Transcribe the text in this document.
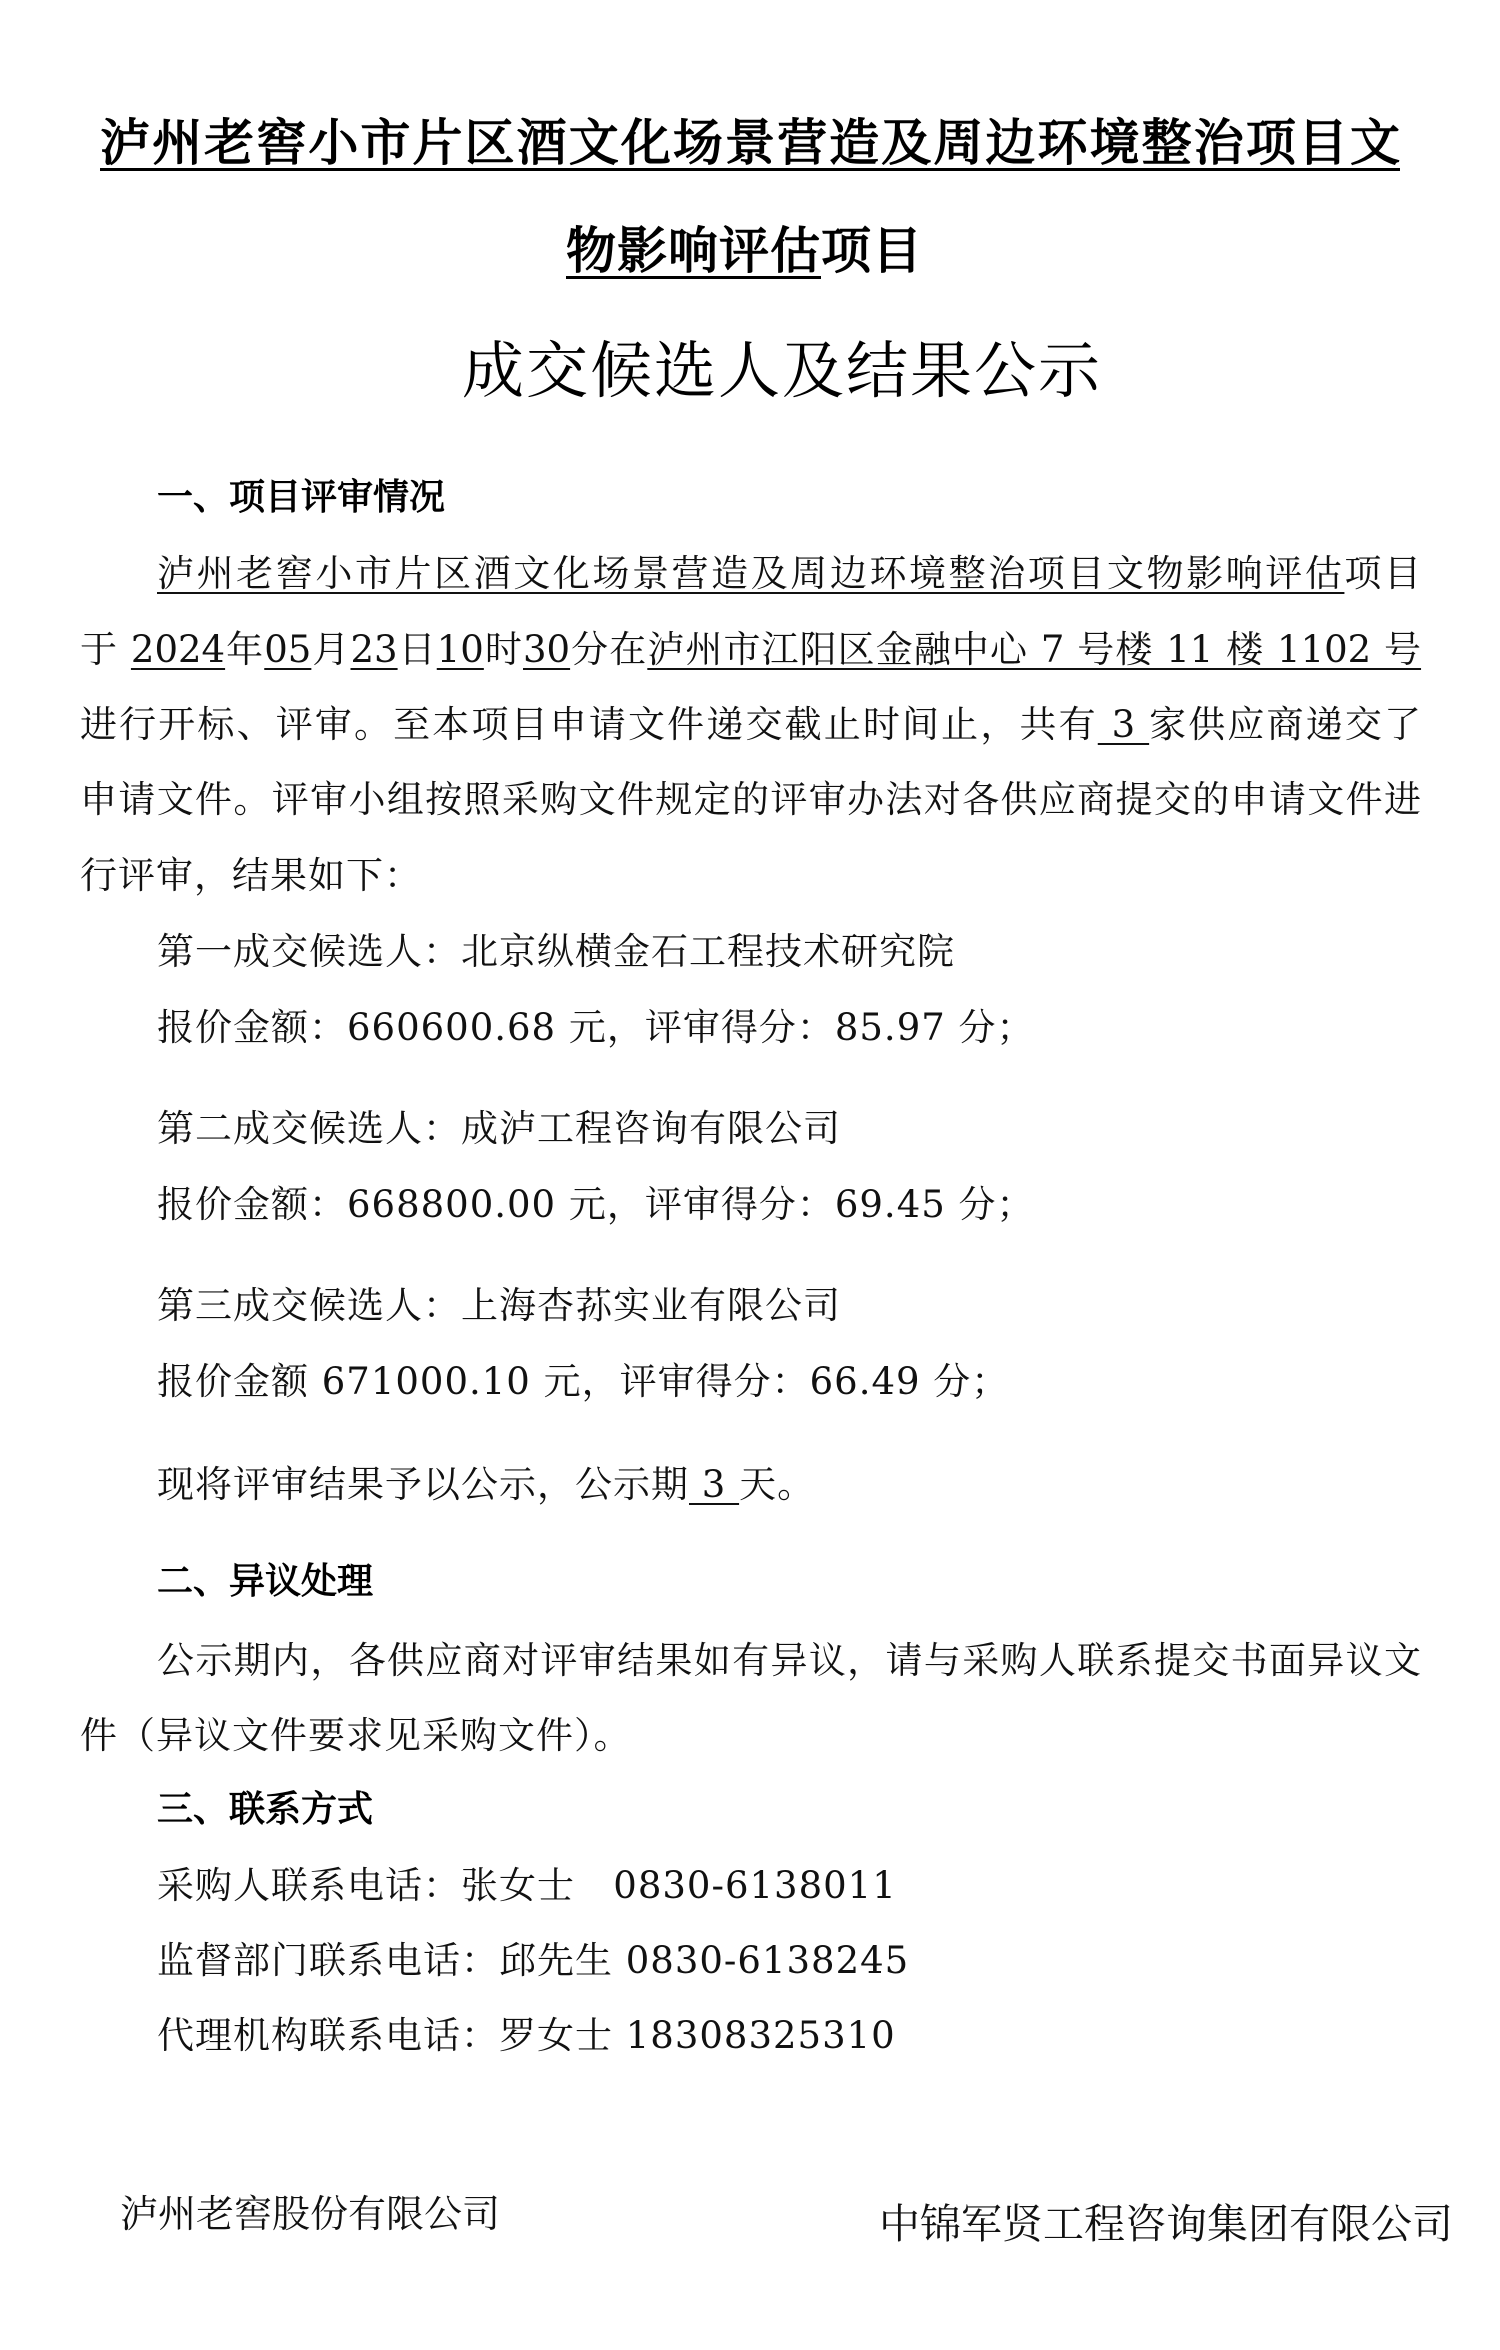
泸州老窖小市片区酒文化场景营造及周边环境整治项目文
物影响评估项目
成交候选人及结果公示
一、项目评审情况
泸州老窖小市片区酒文化场景营造及周边环境整治项目文物影响评估项目
于 2024年05月23日10时30分在泸州市江阳区金融中心 7 号楼 11 楼 1102 号
进行开标、评审。至本项目申请文件递交截止时间止，共有 3 家供应商递交了
申请文件。评审小组按照采购文件规定的评审办法对各供应商提交的申请文件进
行评审，结果如下：
第一成交候选人：北京纵横金石工程技术研究院
报价金额：660600.68 元，评审得分：85.97 分；
第二成交候选人：成泸工程咨询有限公司
报价金额：668800.00 元，评审得分：69.45 分；
第三成交候选人：上海杏荪实业有限公司
报价金额 671000.10 元，评审得分：66.49 分；
现将评审结果予以公示，公示期 3 天。
二、异议处理
公示期内，各供应商对评审结果如有异议，请与采购人联系提交书面异议文
件（异议文件要求见采购文件）。
三、联系方式
采购人联系电话：张女士   0830-6138011
监督部门联系电话：邱先生 0830-6138245
代理机构联系电话：罗女士 18308325310
泸州老窖股份有限公司	中锦军贤工程咨询集团有限公司
